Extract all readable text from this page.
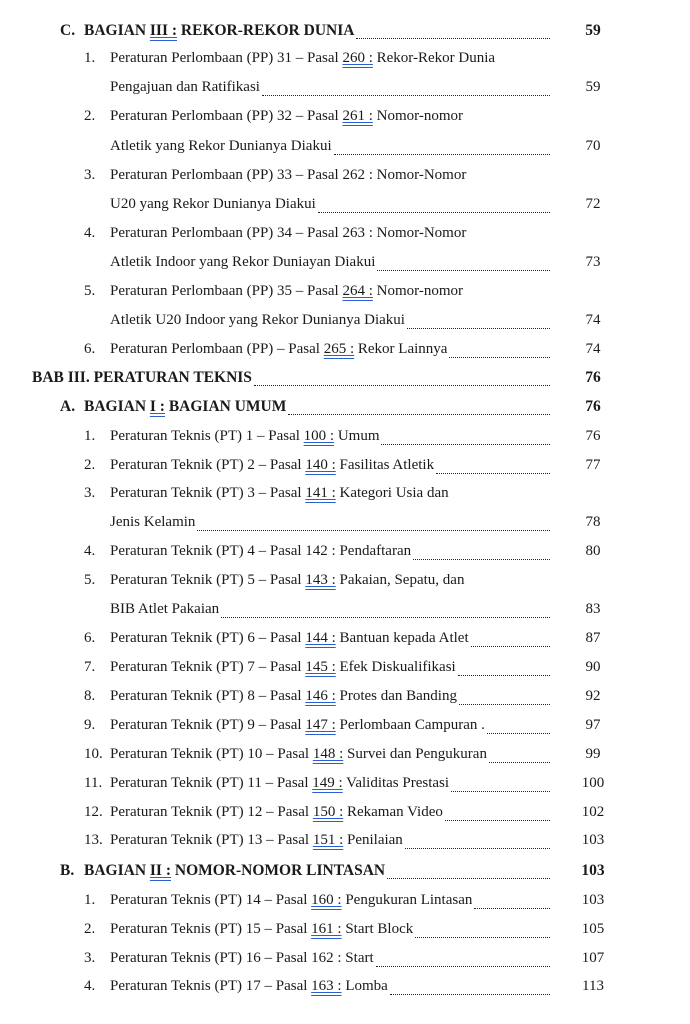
C. BAGIAN III : REKOR-REKOR DUNIA	59
1. Peraturan Perlombaan (PP) 31 – Pasal 260 : Rekor-Rekor Dunia
Pengajuan dan Ratifikasi	59
2. Peraturan Perlombaan (PP) 32 – Pasal 261 : Nomor-nomor
Atletik yang Rekor Dunianya Diakui	70
3. Peraturan Perlombaan (PP) 33 – Pasal 262 : Nomor-Nomor
U20 yang Rekor Dunianya Diakui	72
4. Peraturan Perlombaan (PP) 34 – Pasal 263 : Nomor-Nomor
Atletik Indoor yang Rekor Duniayan Diakui	73
5. Peraturan Perlombaan (PP) 35 – Pasal 264 : Nomor-nomor
Atletik U20 Indoor yang Rekor Dunianya Diakui	74
6. Peraturan Perlombaan (PP) – Pasal 265 : Rekor Lainnya	74
BAB III. PERATURAN TEKNIS	76
A. BAGIAN I : BAGIAN UMUM	76
1. Peraturan Teknis (PT) 1 – Pasal 100 : Umum	76
2. Peraturan Teknik (PT) 2 – Pasal 140 : Fasilitas Atletik	77
3. Peraturan Teknik (PT) 3 – Pasal 141 : Kategori Usia dan
Jenis Kelamin	78
4. Peraturan Teknik (PT) 4 – Pasal 142 : Pendaftaran	80
5. Peraturan Teknik (PT) 5 – Pasal 143 : Pakaian, Sepatu, dan
BIB Atlet Pakaian	83
6. Peraturan Teknik (PT) 6 – Pasal 144 : Bantuan kepada Atlet	87
7. Peraturan Teknik (PT) 7 – Pasal 145 : Efek Diskualifikasi	90
8. Peraturan Teknik (PT) 8 – Pasal 146 : Protes dan Banding	92
9. Peraturan Teknik (PT) 9 – Pasal 147 : Perlombaan Campuran .	97
10. Peraturan Teknik (PT) 10 – Pasal 148 : Survei dan Pengukuran	99
11. Peraturan Teknik (PT) 11 – Pasal 149 : Validitas Prestasi	100
12. Peraturan Teknik (PT) 12 – Pasal 150 : Rekaman Video	102
13. Peraturan Teknik (PT) 13 – Pasal 151 : Penilaian	103
B. BAGIAN II : NOMOR-NOMOR LINTASAN	103
1. Peraturan Teknis (PT) 14 – Pasal 160 : Pengukuran Lintasan	103
2. Peraturan Teknis (PT) 15 – Pasal 161 : Start Block	105
3. Peraturan Teknis (PT) 16 – Pasal 162 : Start	107
4. Peraturan Teknis (PT) 17 – Pasal 163 : Lomba	113
